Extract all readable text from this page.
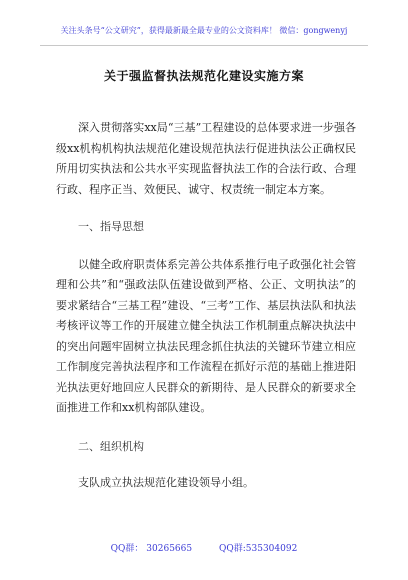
关注头条号“公文研究”，获得最新最全最专业的公文资料库！ 微信：gongwenyj
关于强监督执法规范化建设实施方案

深入贯彻落实xx局“三基”工程建设的总体要求进一步强各级xx机构机构执法规范化建设规范执法行促进执法公正确权民所用切实执法和公共水平实现监督执法工作的合法行政、合理行政、程序正当、效便民、诚守、权责统一制定本方案。

一、指导思想

以健全政府职责体系完善公共体系推行电子政强化社会管理和公共”和“强政法队伍建设做到严格、公正、文明执法”的要求紧结合“三基工程”建设、“三考”工作、基层执法队和执法考核评议等工作的开展建立健全执法工作机制重点解决执法中的突出问题牢固树立执法民理念抓住执法的关键环节建立相应工作制度完善执法程序和工作流程在抓好示范的基础上推进阳光执法更好地回应人民群众的新期待、是人民群众的新要求全面推进工作和xx机构部队建设。

二、组织机构

支队成立执法规范化建设领导小组。

QQ群： 30265665	QQ群:535304092
